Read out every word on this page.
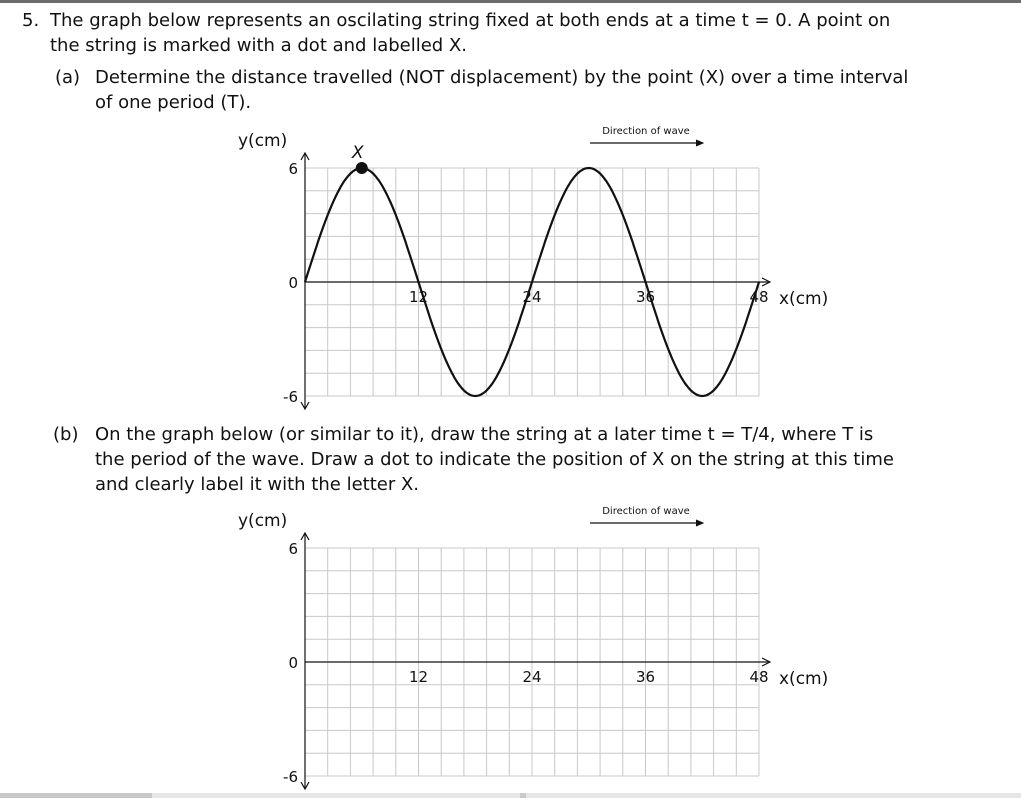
5. The graph below represents an oscilating string fixed at both ends at a time t = 0. A point on
the string is marked with a dot and labelled X.
(a) Determine the distance travelled (NOT displacement) by the point (X) over a time interval
of one period (T).
y(cm)
6
0
-6
12	24	36	48 x(cm)
Direction of wave
X
(b) On the graph below (or similar to it), draw the string at a later time t = T/4, where T is
the period of the wave. Draw a dot to indicate the position of X on the string at this time
and clearly label it with the letter X.
y(cm)
6
0
-6
12	24	36	48 x(cm)
Direction of wave
